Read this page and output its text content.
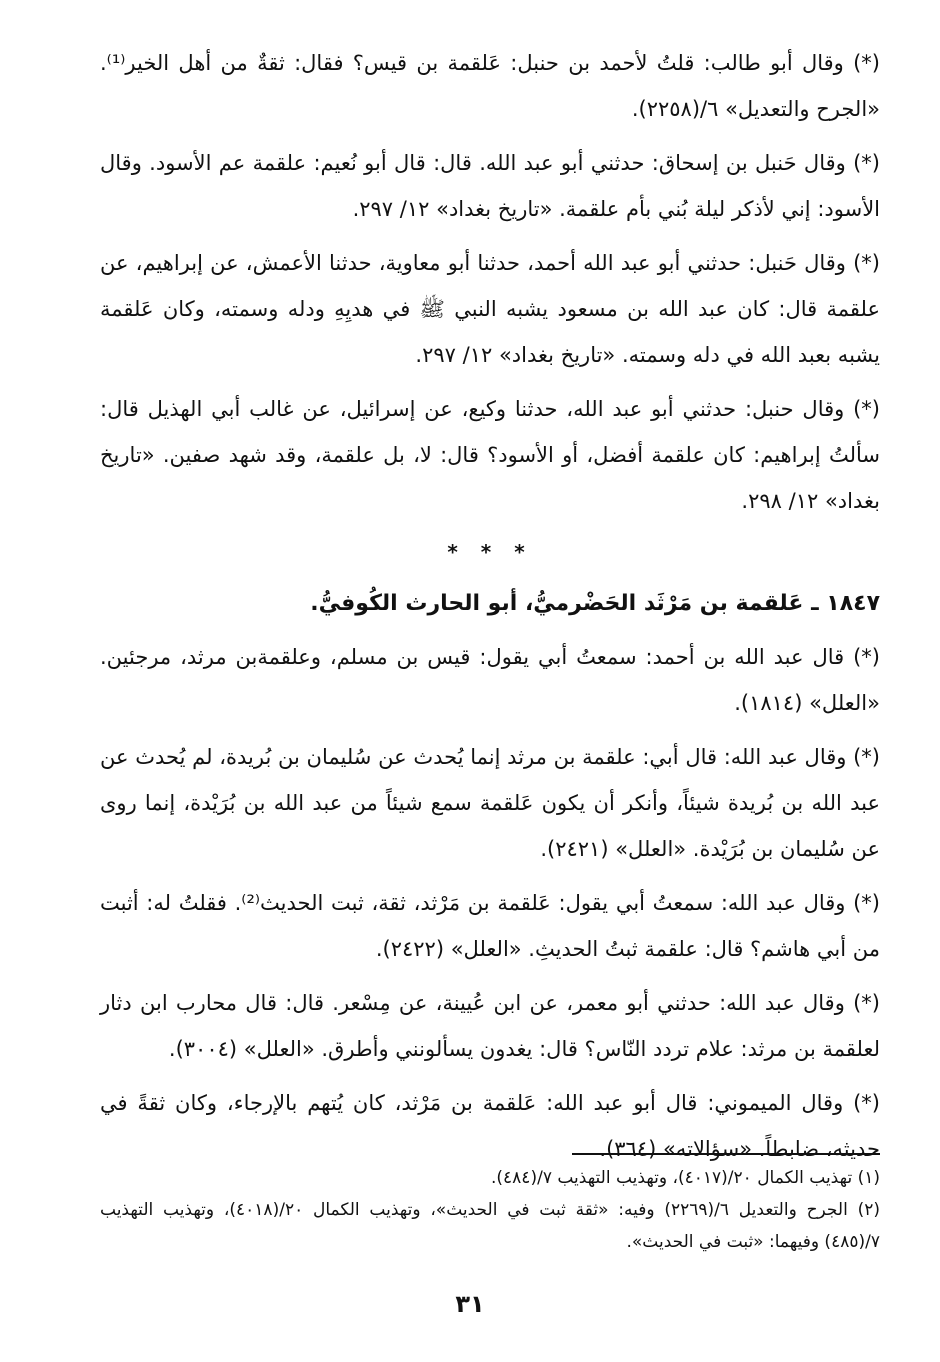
(*) وقال أبو طالب: قلتُ لأحمد بن حنبل: عَلقمة بن قيس؟ فقال: ثقةٌ من أهل الخير⁽¹⁾. «الجرح والتعديل» ٦/(٢٢٥٨).

(*) وقال حَنبل بن إسحاق: حدثني أبو عبد الله. قال: قال أبو نُعيم: علقمة عم الأسود. وقال الأسود: إني لأذكر ليلة بُني بأم علقمة. «تاريخ بغداد» ١٢/ ٢٩٧.

(*) وقال حَنبل: حدثني أبو عبد الله أحمد، حدثنا أبو معاوية، حدثنا الأعمش، عن إبراهيم، عن علقمة قال: كان عبد الله بن مسعود يشبه النبي ﷺ في هديِهِ ودله وسمته، وكان عَلقمة يشبه بعبد الله في دله وسمته. «تاريخ بغداد» ١٢/ ٢٩٧.

(*) وقال حنبل: حدثني أبو عبد الله، حدثنا وكيع، عن إسرائيل، عن غالب أبي الهذيل قال: سألتُ إبراهيم: كان علقمة أفضل، أو الأسود؟ قال: لا، بل علقمة، وقد شهد صفين. «تاريخ بغداد» ١٢/ ٢٩٨.

* * *
١٨٤٧ ـ عَلقمة بن مَرْثَد الحَضْرميُّ، أبو الحارث الكُوفيُّ.

(*) قال عبد الله بن أحمد: سمعتُ أبي يقول: قيس بن مسلم، وعلقمةبن مرثد، مرجئين. «العلل» (١٨١٤).

(*) وقال عبد الله: قال أبي: علقمة بن مرثد إنما يُحدث عن سُليمان بن بُريدة، لم يُحدث عن عبد الله بن بُريدة شيئاً، وأنكر أن يكون عَلقمة سمع شيئاً من عبد الله بن بُرَيْدة، إنما روى عن سُليمان بن بُرَيْدة. «العلل» (٢٤٢١).

(*) وقال عبد الله: سمعتُ أبي يقول: عَلقمة بن مَرْثد، ثقة، ثبت الحديث⁽²⁾. فقلتُ له: أثبت من أبي هاشم؟ قال: علقمة ثبتُ الحديثِ. «العلل» (٢٤٢٢).

(*) وقال عبد الله: حدثني أبو معمر، عن ابن عُيينة، عن مِسْعر. قال: قال محارب ابن دثار لعلقمة بن مرثد: علام تردد النّاس؟ قال: يغدون يسألونني وأطرق. «العلل» (٣٠٠٤).

(*) وقال الميموني: قال أبو عبد الله: عَلقمة بن مَرْثد، كان يُتهم بالإرجاء، وكان ثقةً في حديثه، ضابطاً. «سؤالاته» (٣٦٤).

(١) تهذيب الكمال ٢٠/(٤٠١٧)، وتهذيب التهذيب ٧/(٤٨٤).

(٢) الجرح والتعديل ٦/(٢٢٦٩) وفيه: «ثقة ثبت في الحديث»، وتهذيب الكمال ٢٠/(٤٠١٨)، وتهذيب التهذيب ٧/(٤٨٥) وفيهما: «ثبت في الحديث».

٣١
